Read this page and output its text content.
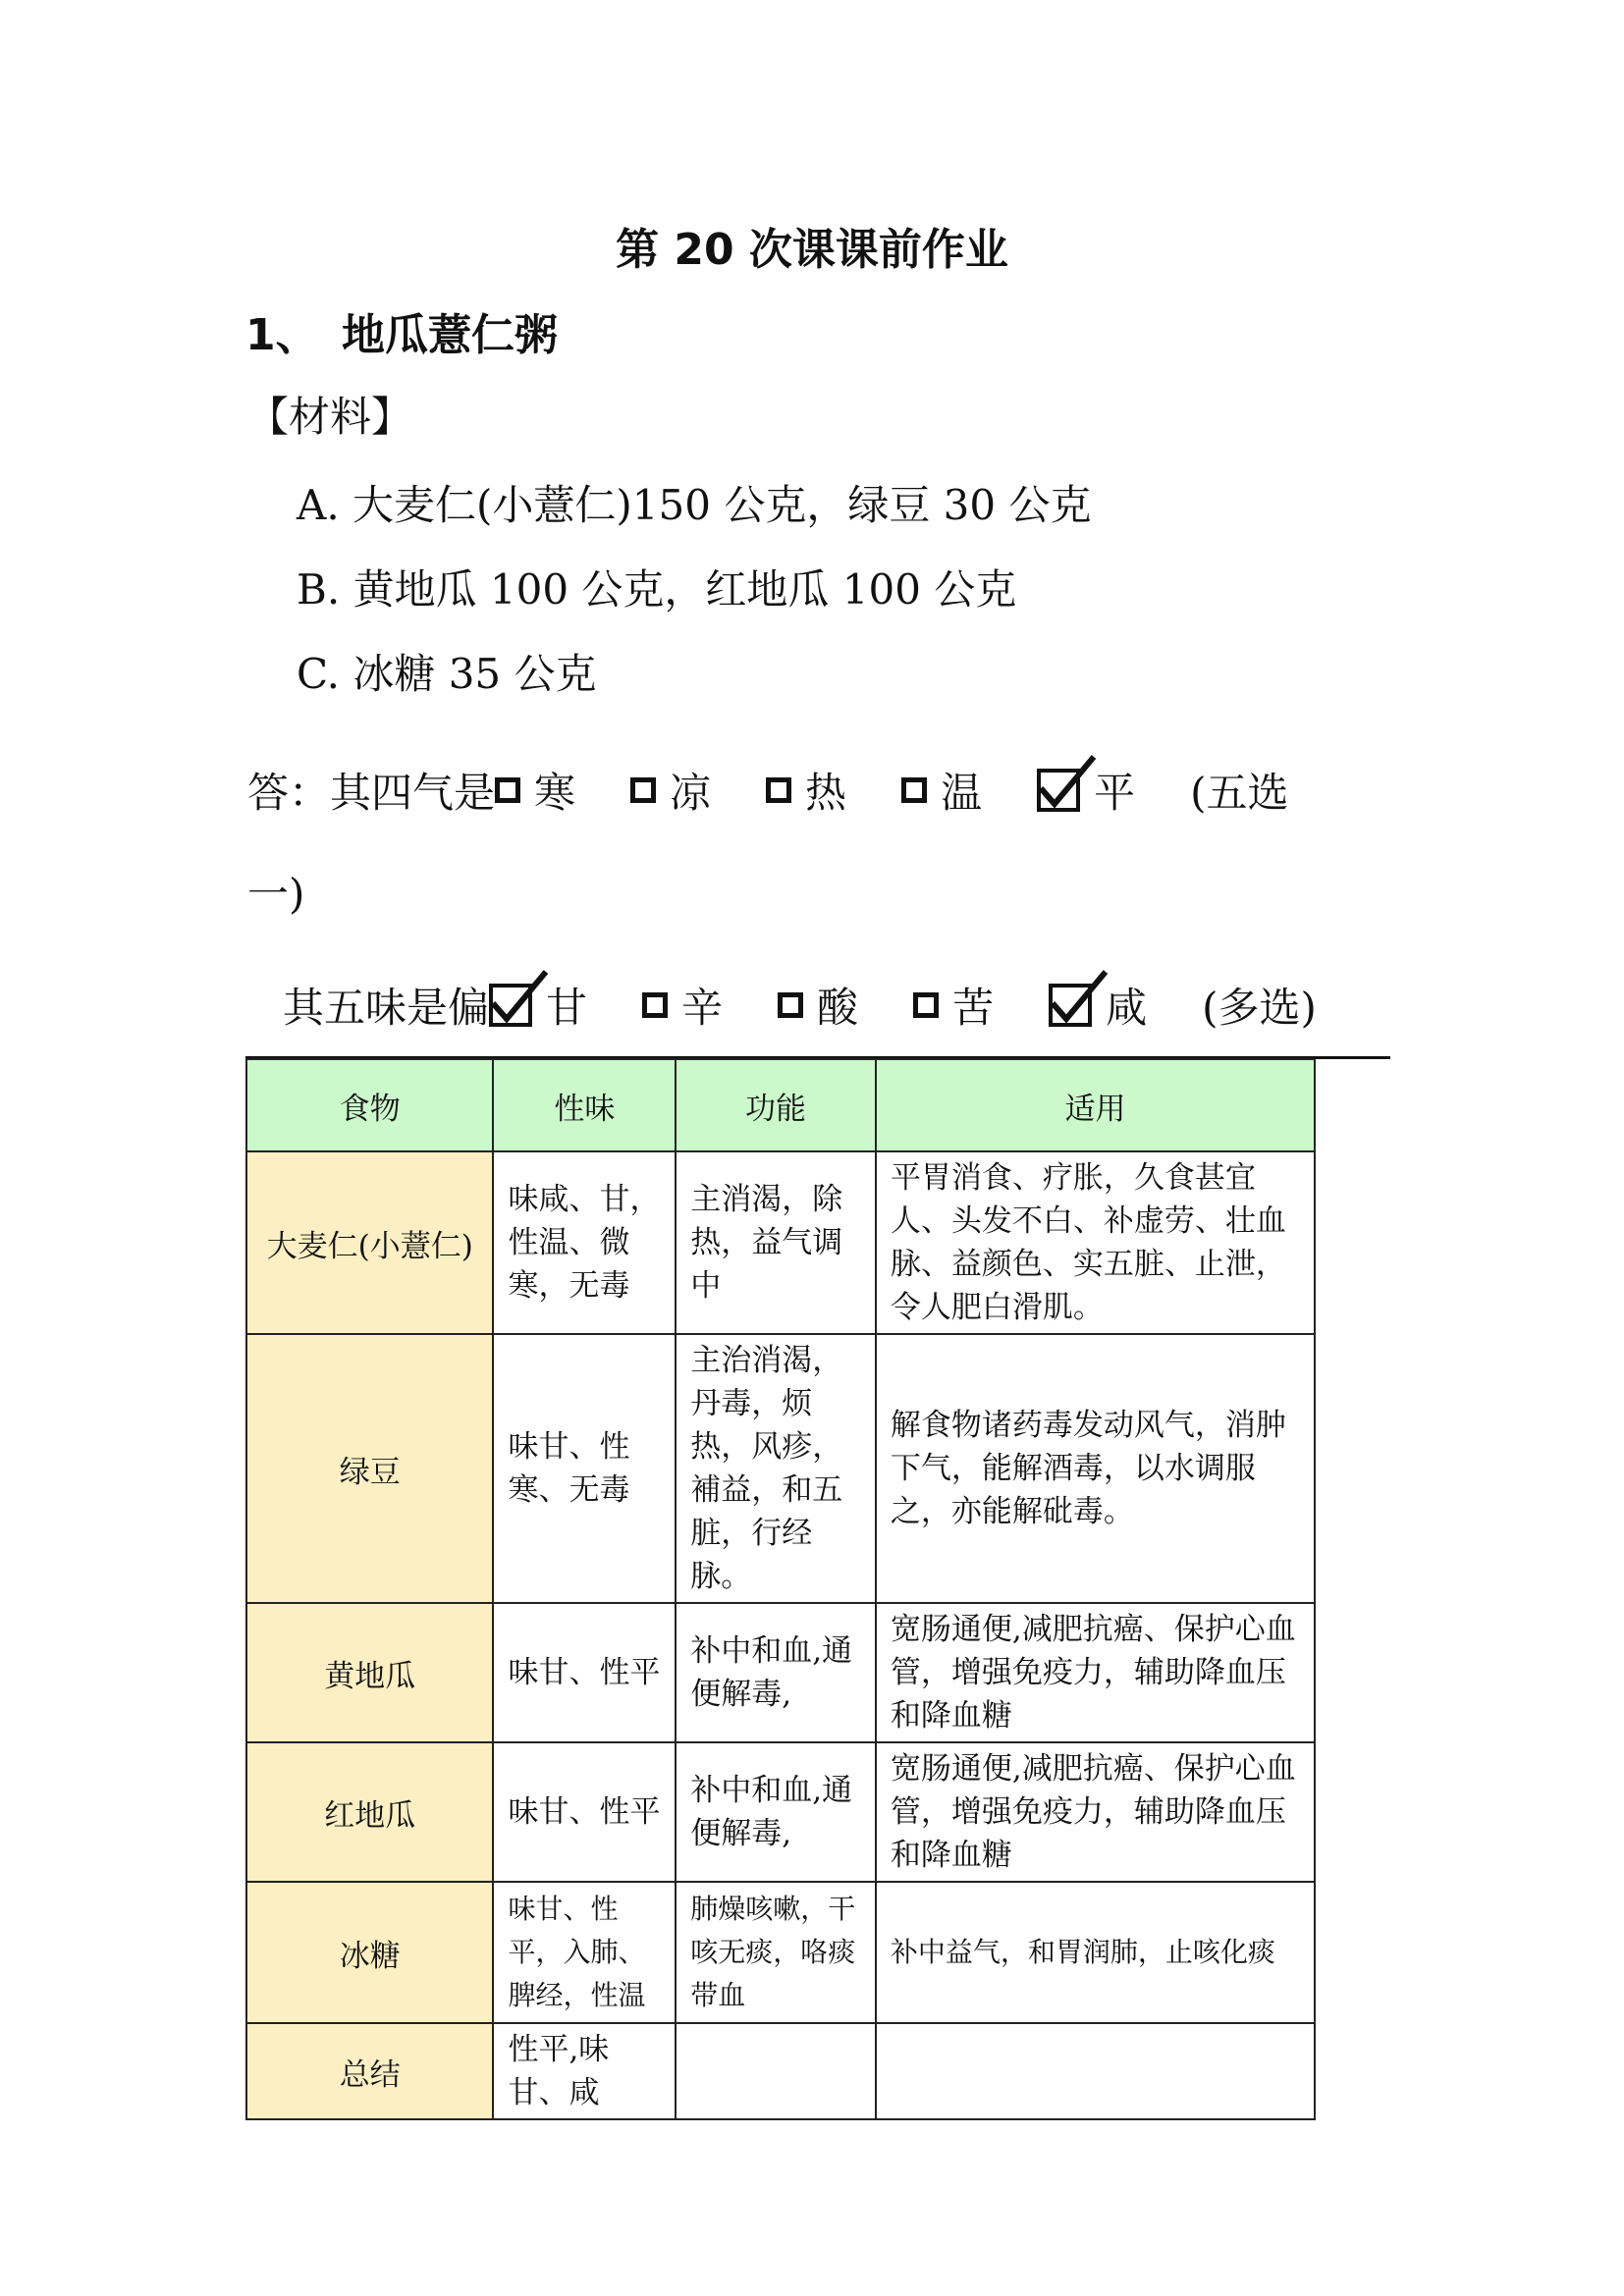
第 20 次课课前作业
1、 地瓜薏仁粥
【材料】
A. 大麦仁(小薏仁)150 公克，绿豆 30 公克
B. 黄地瓜 100 公克，红地瓜 100 公克
C. 冰糖 35 公克
答：其四气是 寒 凉 热 温	平 (五选
一)
其五味是偏 甘 辛 酸 苦	咸 (多选)
食物	性味	功能	适用
大麦仁(小薏仁)	味咸、甘，性温、微寒，无毒	主消渴，除热，益气调中	平胃消食、疗胀，久食甚宜人、头发不白、补虚劳、壮血脉、益颜色、实五脏、止泄，令人肥白滑肌。
绿豆	味甘、性寒、无毒	主治消渴，丹毒，烦热，风疹，補益，和五脏，行经脉。	解食物诸药毒发动风气，消肿下气，能解酒毒，以水调服之，亦能解砒毒。
黄地瓜	味甘、性平	补中和血,通便解毒,	宽肠通便,减肥抗癌、保护心血管，增强免疫力，辅助降血压和降血糖
红地瓜	味甘、性平	补中和血,通便解毒,	宽肠通便,减肥抗癌、保护心血管，增强免疫力，辅助降血压和降血糖
冰糖	味甘、性平，入肺、脾经，性温	肺燥咳嗽，干咳无痰，咯痰带血	补中益气，和胃润肺，止咳化痰
总结	性平,味甘、咸		
